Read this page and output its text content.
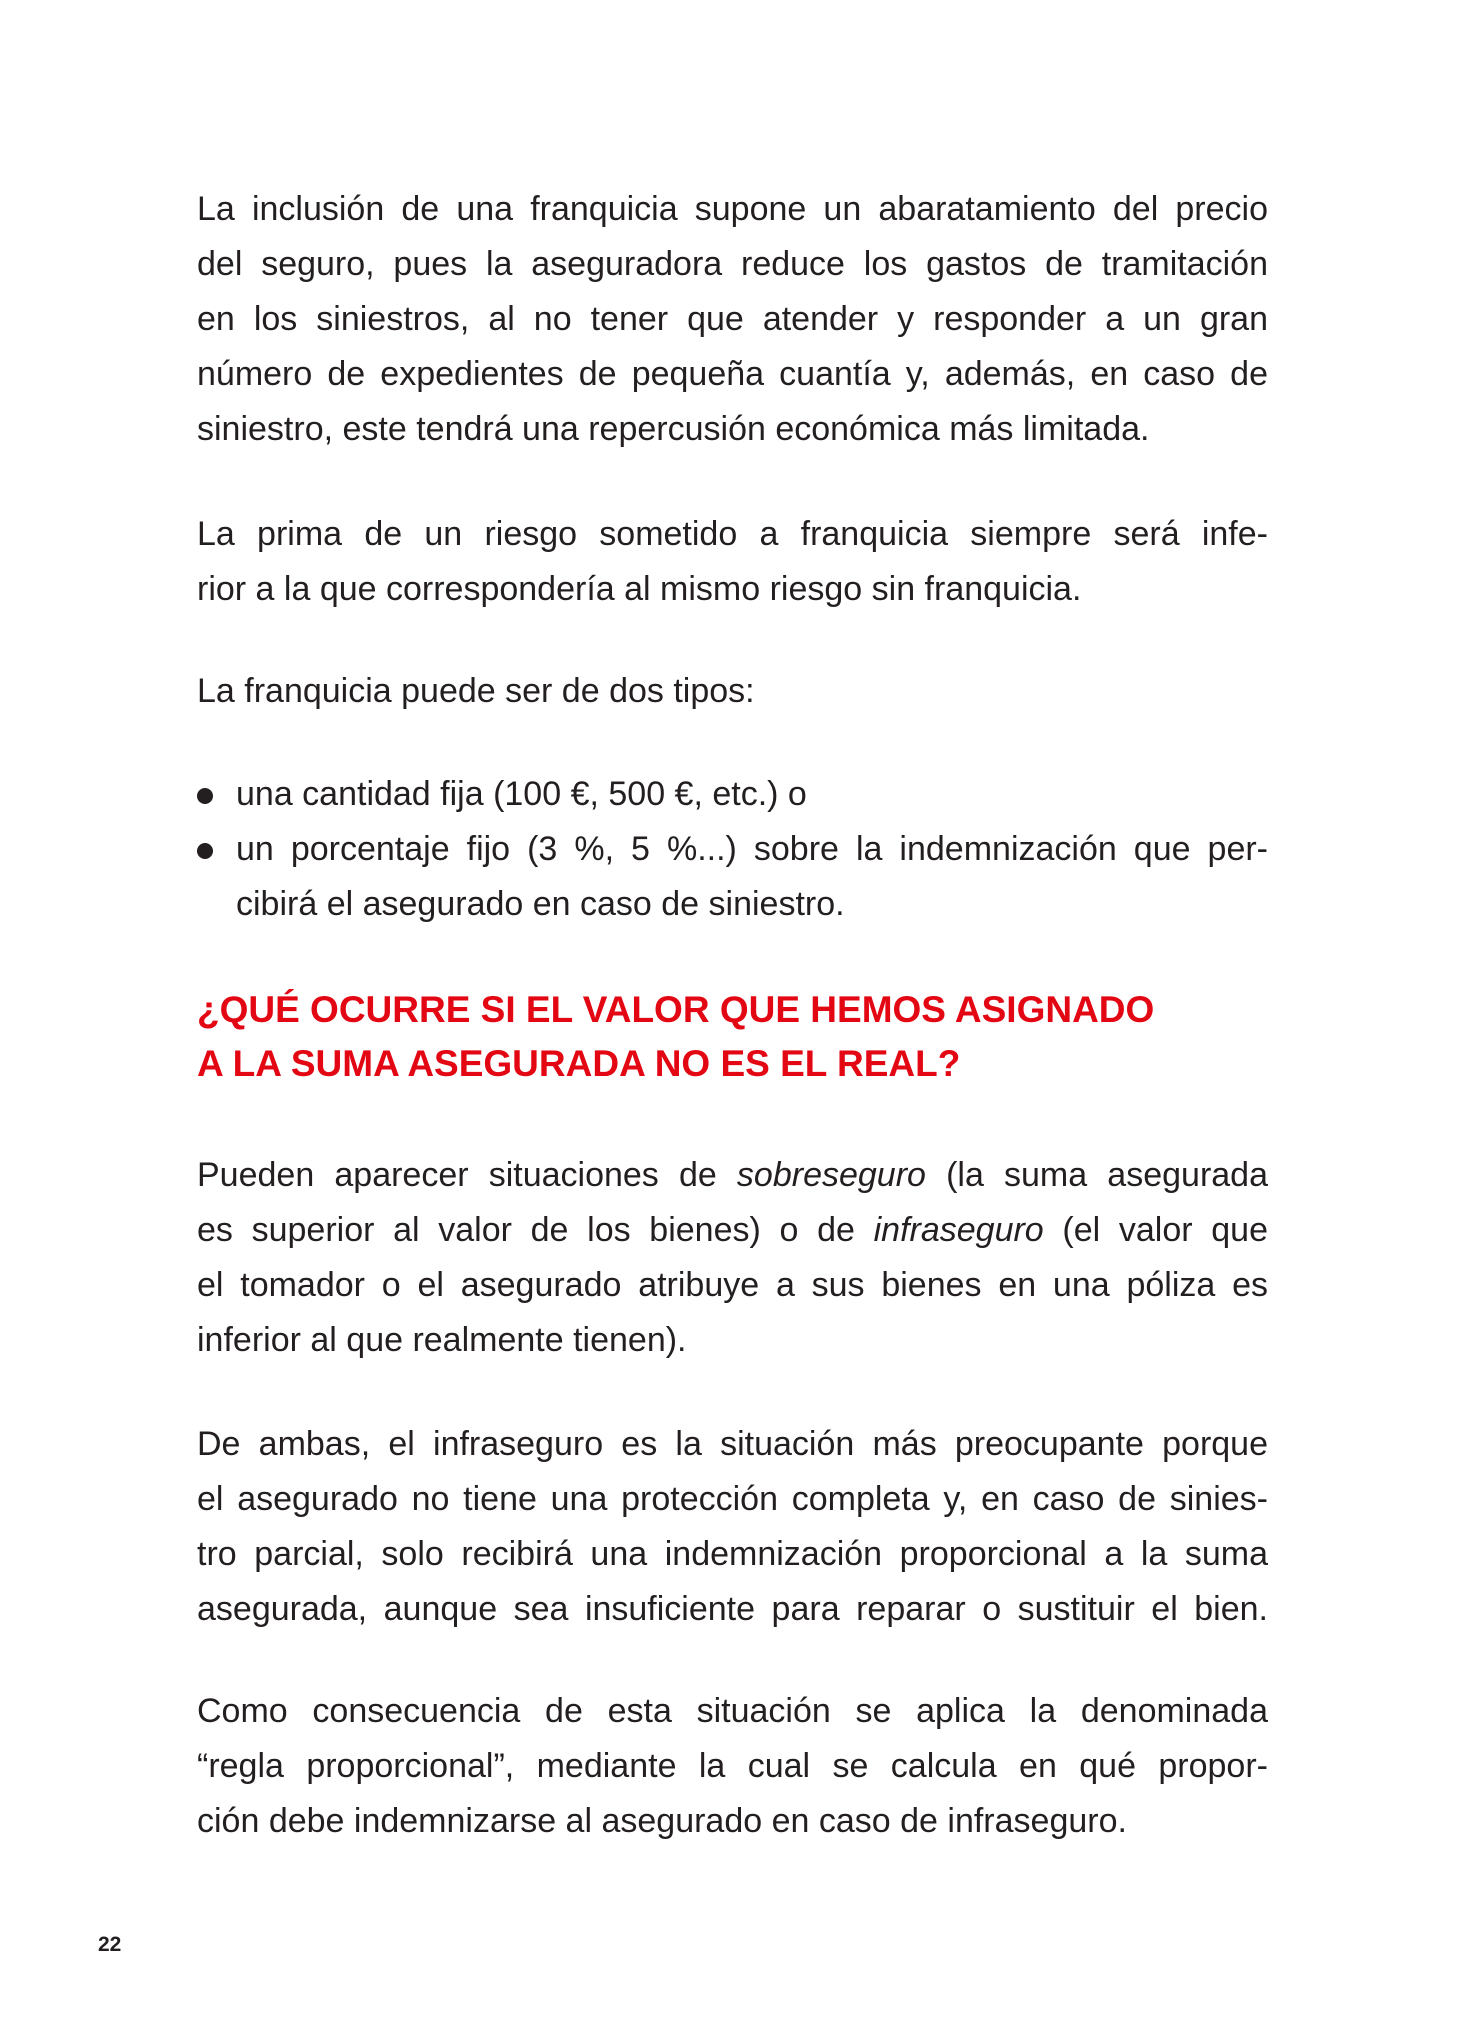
La inclusión de una franquicia supone un abaratamiento del precio
del seguro, pues la aseguradora reduce los gastos de tramitación
en los siniestros, al no tener que atender y responder a un gran
número de expedientes de pequeña cuantía y, además, en caso de
siniestro, este tendrá una repercusión económica más limitada.
La prima de un riesgo sometido a franquicia siempre será infe-
rior a la que correspondería al mismo riesgo sin franquicia.
La franquicia puede ser de dos tipos:
una cantidad fija (100 €, 500 €, etc.) o
un porcentaje fijo (3 %, 5 %...) sobre la indemnización que per-
cibirá el asegurado en caso de siniestro.
¿QUÉ OCURRE SI EL VALOR QUE HEMOS ASIGNADO
A LA SUMA ASEGURADA NO ES EL REAL?
Pueden aparecer situaciones de sobreseguro (la suma asegurada
es superior al valor de los bienes) o de infraseguro (el valor que
el tomador o el asegurado atribuye a sus bienes en una póliza es
inferior al que realmente tienen).
De ambas, el infraseguro es la situación más preocupante porque
el asegurado no tiene una protección completa y, en caso de sinies-
tro parcial, solo recibirá una indemnización proporcional a la suma
asegurada, aunque sea insuficiente para reparar o sustituir el bien.
Como consecuencia de esta situación se aplica la denominada
“regla proporcional”, mediante la cual se calcula en qué propor-
ción debe indemnizarse al asegurado en caso de infraseguro.
22
